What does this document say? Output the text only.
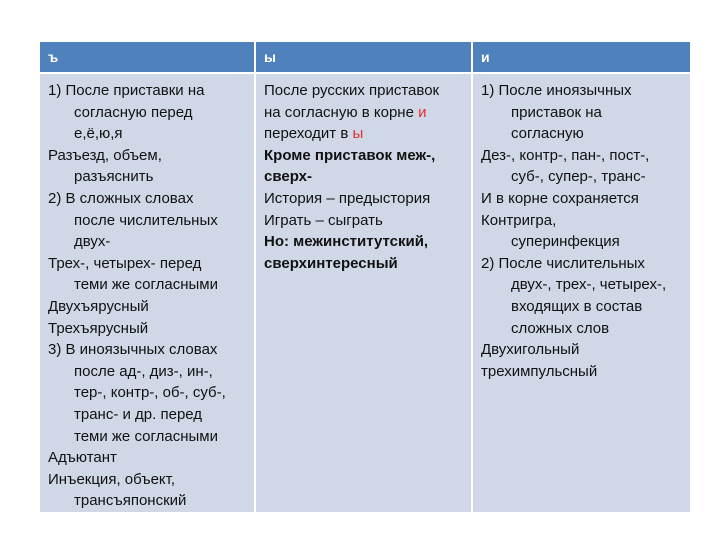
ъ	ы	и
1) После приставки на
согласную перед
е,ё,ю,я
Разъезд, объем,
разъяснить
2) В сложных словах
после числительных
двух-
Трех-, четырех- перед
теми же согласными
Двухъярусный
Трехъярусный
3) В иноязычных словах
после ад-, диз-, ин-,
тер-, контр-, об-, суб-,
транс- и др. перед
теми же согласными
Адъютант
Инъекция, объект,
трансъяпонский
После русских приставок
на согласную в корне и
переходит в ы
Кроме приставок меж-,
сверх-
История – предыстория
Играть – сыграть
Но: межинститутский,
сверхинтересный
1) После иноязычных
приставок на
согласную
Дез-, контр-, пан-, пост-,
суб-, супер-, транс-
И в корне сохраняется
Контригра,
суперинфекция
2) После числительных
двух-, трех-, четырех-,
входящих в состав
сложных слов
Двухигольный
трехимпульсный
